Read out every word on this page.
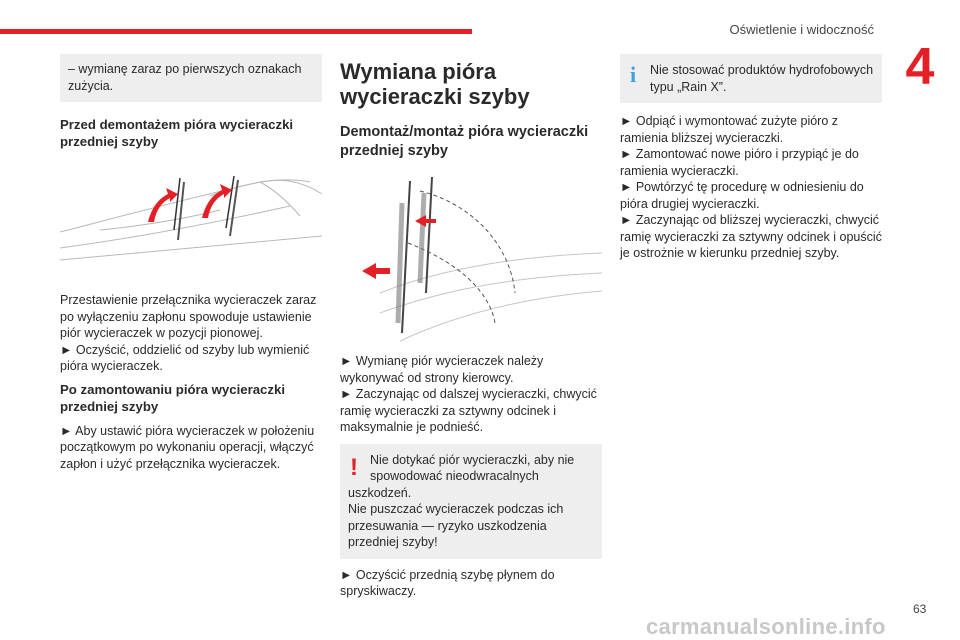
Oświetlenie i widoczność
4

– wymianę zaraz po pierwszych oznakach zużycia.

Przed demontażem pióra wycieraczki przedniej szyby

Przestawienie przełącznika wycieraczek zaraz po wyłączeniu zapłonu spowoduje ustawienie piór wycieraczek w pozycji pionowej.

► Oczyścić, oddzielić od szyby lub wymienić pióra wycieraczek.

Po zamontowaniu pióra wycieraczki przedniej szyby

► Aby ustawić pióra wycieraczek w położeniu początkowym po wykonaniu operacji, włączyć zapłon i użyć przełącznika wycieraczek.

Wymiana pióra wycieraczki szyby

Demontaż/montaż pióra wycieraczki przedniej szyby

► Wymianę piór wycieraczek należy wykonywać od strony kierowcy.

► Zaczynając od dalszej wycieraczki, chwycić ramię wycieraczki za sztywny odcinek i maksymalnie je podnieść.

! Nie dotykać piór wycieraczki, aby nie

spowodować nieodwracalnych

uszkodzeń.

Nie puszczać wycieraczek podczas ich przesuwania — ryzyko uszkodzenia przedniej szyby!

► Oczyścić przednią szybę płynem do spryskiwaczy.

i	Nie stosować produktów hydrofobowych typu „Rain X”.

► Odpiąć i wymontować zużyte pióro z ramienia bliższej wycieraczki.

► Zamontować nowe pióro i przypiąć je do ramienia wycieraczki.

► Powtórzyć tę procedurę w odniesieniu do pióra drugiej wycieraczki.

► Zaczynając od bliższej wycieraczki, chwycić ramię wycieraczki za sztywny odcinek i opuścić je ostrożnie w kierunku przedniej szyby.

63
carmanualsonline.info
